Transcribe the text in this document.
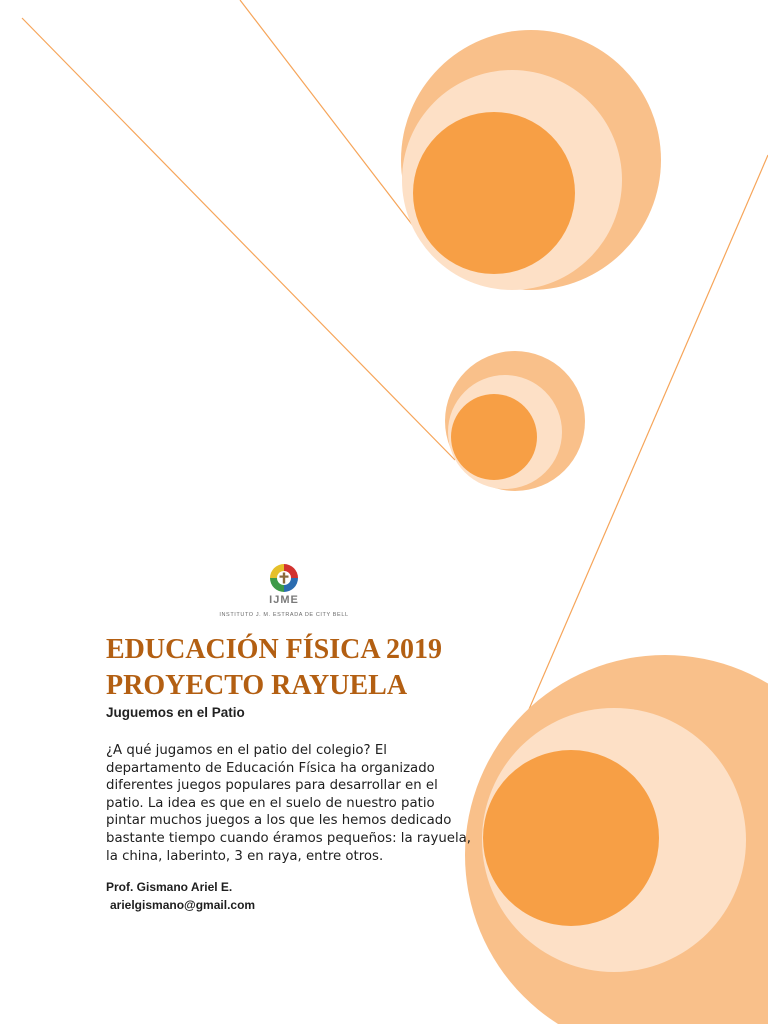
IJME
INSTITUTO J. M. ESTRADA DE CITY BELL
EDUCACIÓN FÍSICA 2019
PROYECTO RAYUELA

Juguemos en el Patio

¿A qué jugamos en el patio del colegio? El departamento de Educación Física ha organizado diferentes juegos populares para desarrollar en el patio. La idea es que en el suelo de nuestro patio pintar muchos juegos a los que les hemos dedicado bastante tiempo cuando éramos pequeños: la rayuela, la china, laberinto, 3 en raya, entre otros.

Prof. Gismano Ariel E.

arielgismano@gmail.com
